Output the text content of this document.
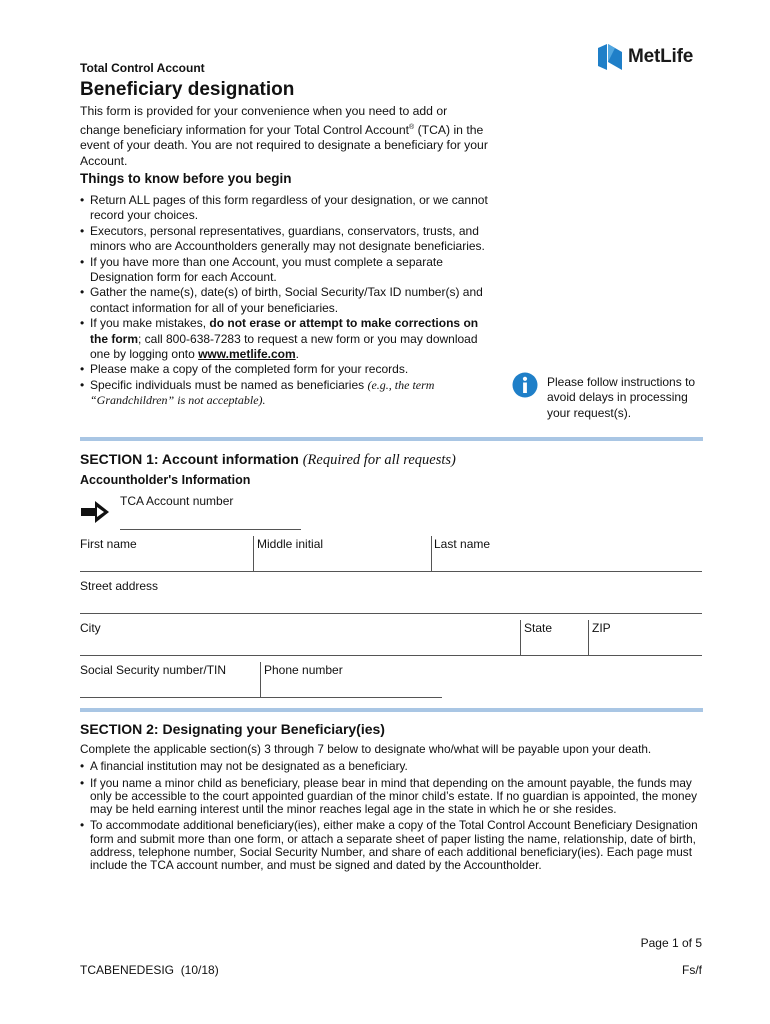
Total Control Account
MetLife
Beneficiary designation
This form is provided for your convenience when you need to add or change beneficiary information for your Total Control Account® (TCA) in the event of your death. You are not required to designate a beneficiary for your Account.
Things to know before you begin
• Return ALL pages of this form regardless of your designation, or we cannot record your choices.
• Executors, personal representatives, guardians, conservators, trusts, and minors who are Accountholders generally may not designate beneficiaries.
• If you have more than one Account, you must complete a separate Designation form for each Account.
• Gather the name(s), date(s) of birth, Social Security/Tax ID number(s) and contact information for all of your beneficiaries.
• If you make mistakes, do not erase or attempt to make corrections on the form; call 800-638-7283 to request a new form or you may download one by logging onto www.metlife.com.
• Please make a copy of the completed form for your records.
• Specific individuals must be named as beneficiaries (e.g., the term “Grandchildren” is not acceptable).
Please follow instructions to avoid delays in processing your request(s).
SECTION 1: Account information (Required for all requests)
Accountholder's Information
TCA Account number
First name	Middle initial	Last name
Street address
City	State	ZIP
Social Security number/TIN	Phone number
SECTION 2: Designating your Beneficiary(ies)

Complete the applicable section(s) 3 through 7 below to designate who/what will be payable upon your death.

• A financial institution may not be designated as a beneficiary.
• If you name a minor child as beneficiary, please bear in mind that depending on the amount payable, the funds may only be accessible to the court appointed guardian of the minor child’s estate. If no guardian is appointed, the money may be held earning interest until the minor reaches legal age in the state in which he or she resides.
• To accommodate additional beneficiary(ies), either make a copy of the Total Control Account Beneficiary Designation form and submit more than one form, or attach a separate sheet of paper listing the name, relationship, date of birth, address, telephone number, Social Security Number, and share of each additional beneficiary(ies). Each page must include the TCA account number, and must be signed and dated by the Accountholder.
Page 1 of 5
TCABENEDESIG  (10/18)	Fs/f
